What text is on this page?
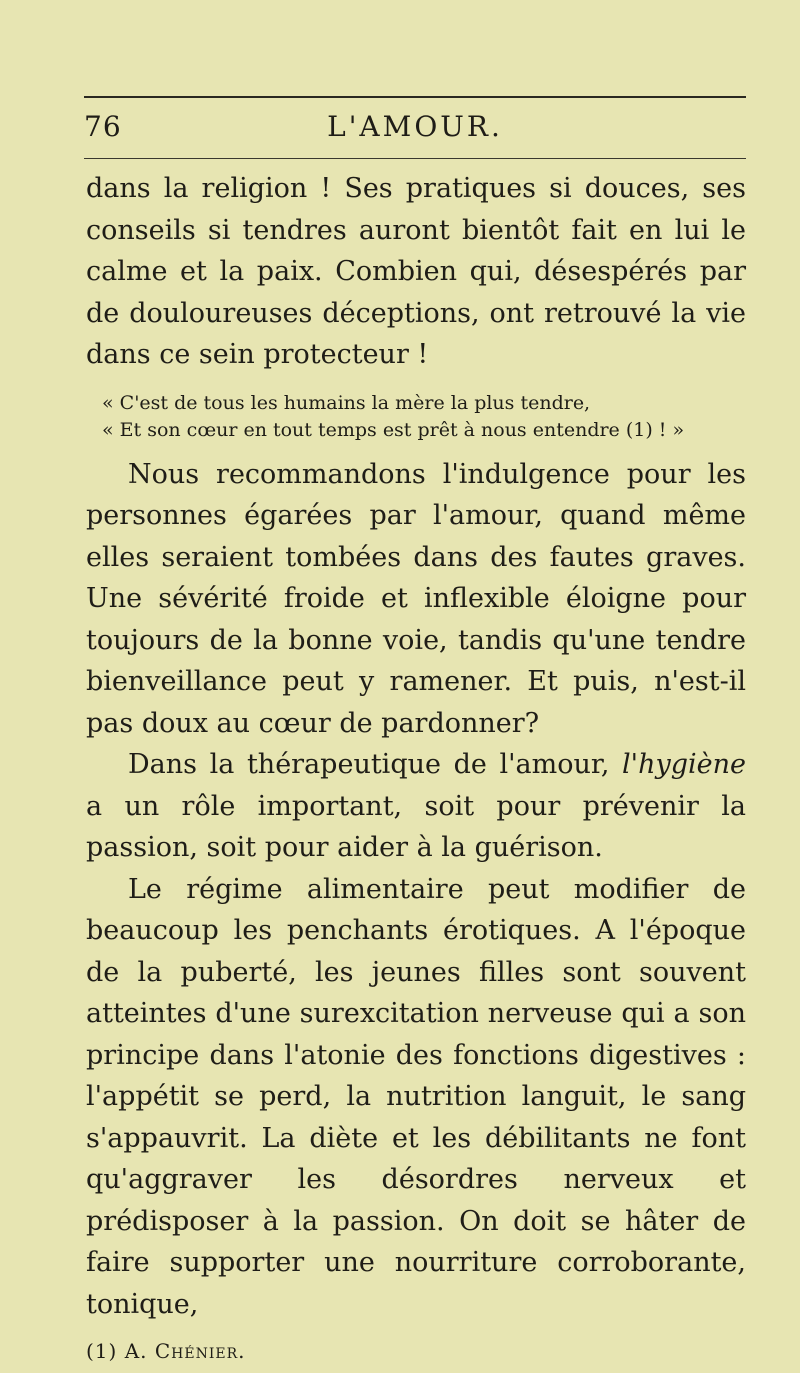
76	L'AMOUR.

dans la religion ! Ses pratiques si douces, ses conseils si tendres auront bientôt fait en lui le calme et la paix. Combien qui, désespérés par de douloureuses déceptions, ont retrouvé la vie dans ce sein protecteur !

« C'est de tous les humains la mère la plus tendre,
« Et son cœur en tout temps est prêt à nous entendre (1) ! »

Nous recommandons l'indulgence pour les personnes égarées par l'amour, quand même elles seraient tombées dans des fautes graves. Une sévérité froide et inflexible éloigne pour toujours de la bonne voie, tandis qu'une tendre bienveillance peut y ramener. Et puis, n'est-il pas doux au cœur de pardonner?

Dans la thérapeutique de l'amour, l'hygiène a un rôle important, soit pour prévenir la passion, soit pour aider à la guérison.

Le régime alimentaire peut modifier de beaucoup les penchants érotiques. A l'époque de la puberté, les jeunes filles sont souvent atteintes d'une surexcitation nerveuse qui a son principe dans l'atonie des fonctions digestives : l'appétit se perd, la nutrition languit, le sang s'appauvrit. La diète et les débilitants ne font qu'aggraver les désordres nerveux et prédisposer à la passion. On doit se hâter de faire supporter une nourriture corroborante, tonique,

(1) A. Chénier.
